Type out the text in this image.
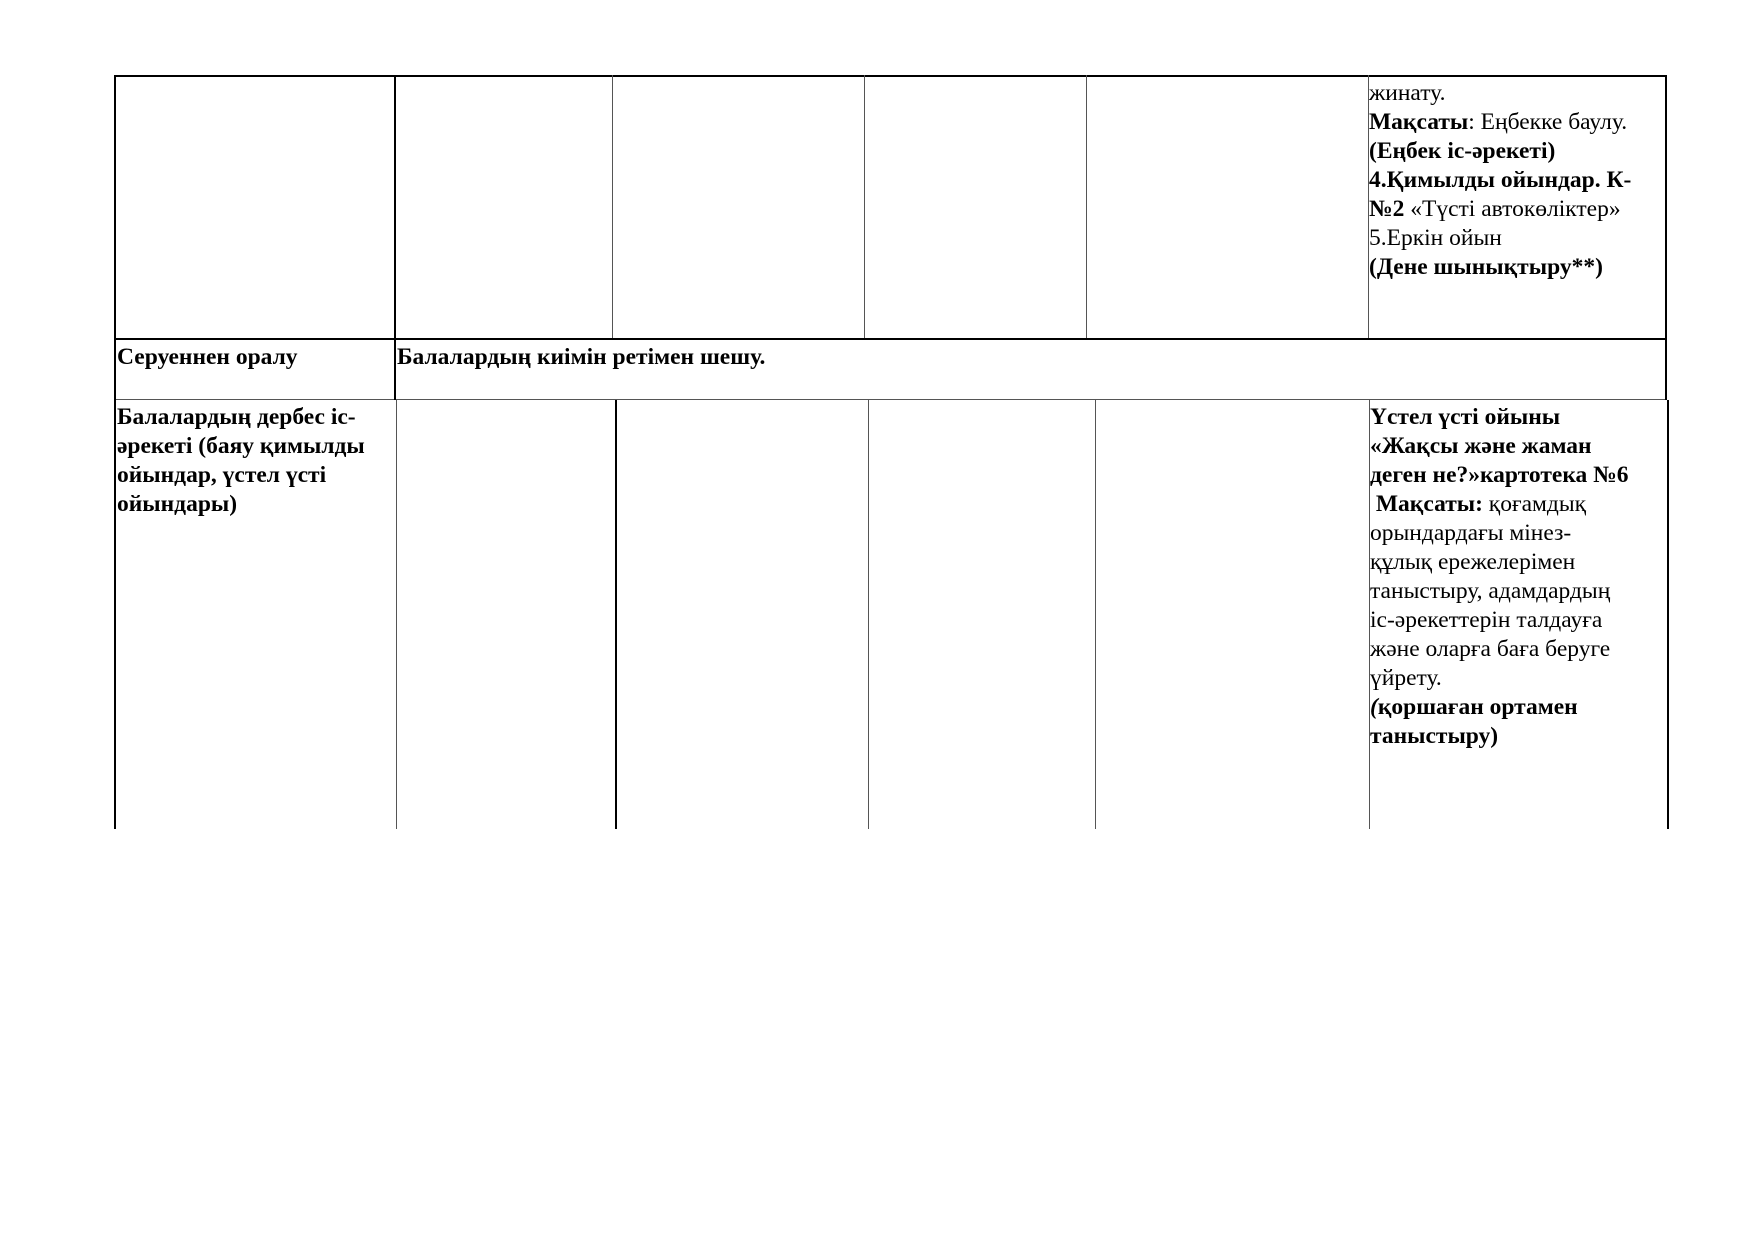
жинату.
Мақсаты: Еңбекке баулу.
(Еңбек іс-әрекеті)
4.Қимылды ойындар. К-
№2 «Түсті автокөліктер»
5.Еркін ойын
(Дене шынықтыру**)
Серуеннен оралу	Балалардың киімін ретімен шешу.
Балалардың дербес іс-
әрекеті (баяу қимылды
ойындар, үстел үсті
ойындары)
Үстел үсті ойыны
«Жақсы және жаман
деген не?»картотека №6
Мақсаты: қоғамдық
орындардағы мінез-
құлық ережелерімен
таныстыру, адамдардың
іс-әрекеттерін талдауға
және оларға баға беруге
үйрету.
(қоршаған ортамен
таныстыру)
